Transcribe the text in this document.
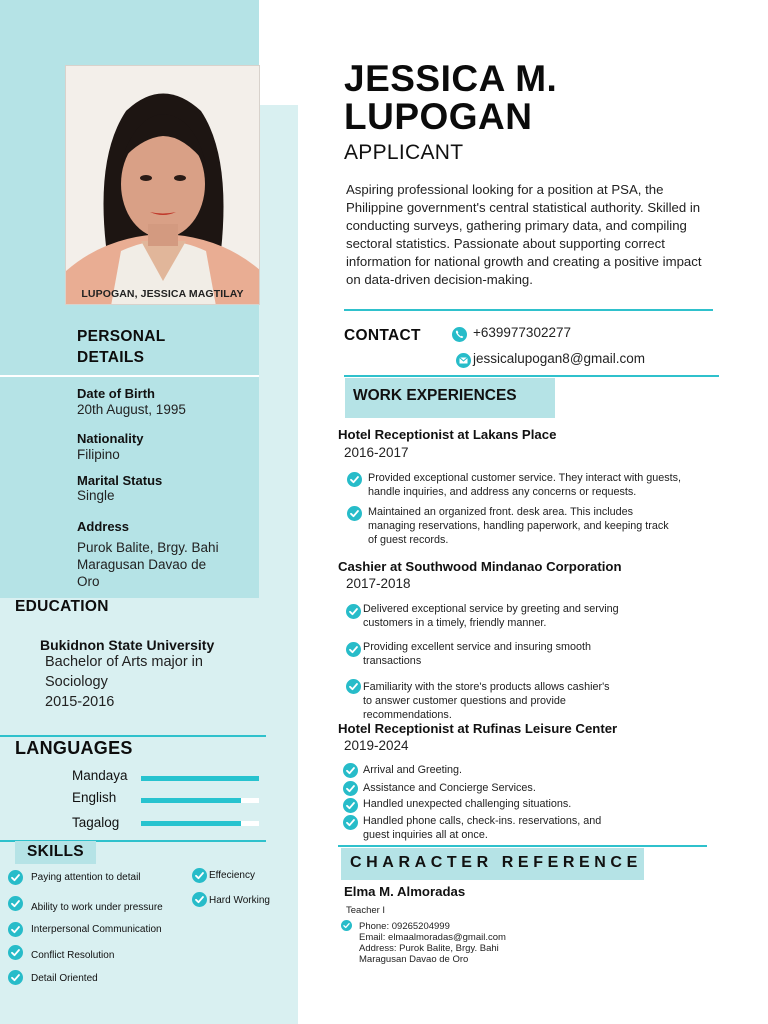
LUPOGAN, JESSICA MAGTILAY
PERSONAL
DETAILS
Date of Birth
20th August, 1995
Nationality
Filipino
Marital Status
Single
Address
Purok Balite, Brgy. Bahi
Maragusan Davao de
Oro
EDUCATION
Bukidnon State University
Bachelor of Arts major in
Sociology
2015-2016
LANGUAGES
Mandaya
English
Tagalog
SKILLS
Paying attention to detail
Ability to work under pressure
Interpersonal Communication
Conflict Resolution
Detail Oriented
Effeciency
Hard Working
JESSICA M.
LUPOGAN
APPLICANT
Aspiring professional looking for a position at PSA, the Philippine government's central statistical authority. Skilled in conducting surveys, gathering primary data, and compiling sectoral statistics. Passionate about supporting correct information for national growth and creating a positive impact on data-driven decision-making.
CONTACT	+639977302277
jessicalupogan8@gmail.com
WORK EXPERIENCES
Hotel Receptionist at Lakans Place
2016-2017
Provided exceptional customer service. They interact with guests,
handle inquiries, and address any concerns or requests.
Maintained an organized front. desk area. This includes
managing reservations, handling paperwork, and keeping track
of guest records.
Cashier at Southwood Mindanao Corporation
2017-2018
Delivered exceptional service by greeting and serving
customers in a timely, friendly manner.
Providing excellent service and insuring smooth
transactions
Familiarity with the store's products allows cashier's
to answer customer questions and provide
recommendations.
Hotel Receptionist at Rufinas Leisure Center
2019-2024
Arrival and Greeting.
Assistance and Concierge Services.
Handled unexpected challenging situations.
Handled phone calls, check-ins. reservations, and
guest inquiries all at once.
CHARACTER REFERENCE
Elma M. Almoradas
Teacher I
Phone: 09265204999
Email: elmaalmoradas@gmail.com
Address: Purok Balite, Brgy. Bahi
Maragusan Davao de Oro
